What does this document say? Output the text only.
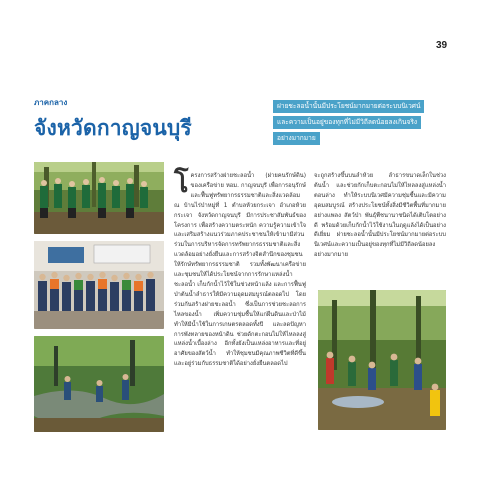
39
ภาคกลาง
จังหวัดกาญจนบุรี
ฝายชะลอน้ำนั้นมีประโยชน์มากมายต่อระบบนิเวศน์
และความเป็นอยู่ของทุกที่ไม่มีวิถีลดน้อยลงเกินจริง
อย่างมากมาย

โครงการสร้างฝายชะลอน้ำ (ฝายคนรักษ์ดิน) ของเครือข่าย หอม. กาญจนบุรี เพื่อการอนุรักษ์และฟื้นฟูทรัพยากรธรรมชาติและสิ่งแวดล้อม ณ บ้านไร่ป่าหมู่ที่ 1 ตำบลห้วยกระเจา อำเภอห้วยกระเจา จังหวัดกาญจนบุรี มีการประชาสัมพันธ์ของโครงการ เพื่อสร้างความตระหนัก ความรู้ความเข้าใจ และเสริมสร้างแนวร่วมภาคประชาชนให้เข้ามามีส่วนร่วมในการบริหารจัดการทรัพยากรธรรมชาติและสิ่งแวดล้อมอย่างยั่งยืนและการสร้างจิตสำนึกของชุมชนให้รักษ์ทรัพยากรธรรมชาติ รวมทั้งพัฒนาเครือข่ายและชุมชนให้ได้ประโยชน์จากการรักษาแหล่งน้ำ ชะลอน้ำ เก็บกักน้ำไว้ใช้ในช่วงหน้าแล้ง และการฟื้นฟูป่าต้นน้ำลำธารให้มีความอุดมสมบูรณ์ตลอดไป โดยร่วมกันสร้างฝายชะลอน้ำ ซึ่งเป็นการช่วยชะลอการไหลของน้ำ เพิ่มความชุ่มชื้นให้แก่ผืนดินและป่าไม้ ทำให้มีน้ำใช้ในการเกษตรตลอดทั้งปี และลดปัญหาการพังทลายของหน้าดิน ช่วยดักตะกอนไม่ให้ไหลลงสู่แหล่งน้ำเบื้องล่าง อีกทั้งยังเป็นแหล่งอาหารและที่อยู่อาศัยของสัตว์น้ำ ทำให้ชุมชนมีคุณภาพชีวิตที่ดีขึ้นและอยู่ร่วมกับธรรมชาติได้อย่างยั่งยืนตลอดไป

จะถูกสร้างขึ้นบนลำห้วย ลำธารขนาดเล็กในช่วงต้นน้ำ และช่วยกักเก็บตะกอนไม่ให้ไหลลงสู่แหล่งน้ำตอนล่าง ทำให้ระบบนิเวศมีความชุ่มชื้นและมีความอุดมสมบูรณ์ สร้างประโยชน์ทั้งสิ่งมีชีวิตพื้นที่มากมาย อย่างแพลง สัตว์ป่า พันธุ์พืชนานาชนิดได้เติบโตอย่างดี พร้อมด้วยเก็บกักน้ำไว้ใช้งานในฤดูแล้งได้เป็นอย่างดีเยี่ยม ฝายชะลอน้ำนั้นมีประโยชน์มากมายต่อระบบนิเวศน์และความเป็นอยู่ของทุกที่ไม่มีวิถีลดน้อยลง อย่างมากมาย
